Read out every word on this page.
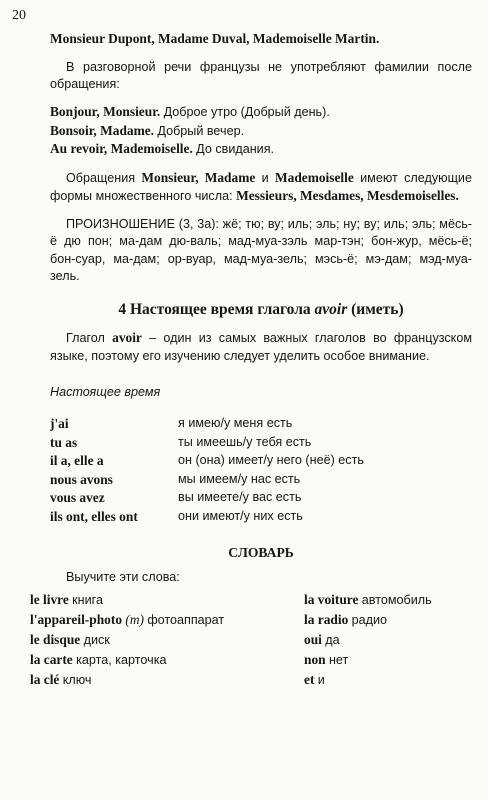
20

Monsieur Dupont, Madame Duval, Mademoiselle Martin.

В разговорной речи французы не употребляют фамилии после обращения:

Bonjour, Monsieur. Доброе утро (Добрый день).
Bonsoir, Madame. Добрый вечер.
Au revoir, Mademoiselle. До свидания.

Обращения Monsieur, Madame и Mademoiselle имеют следующие формы множественного числа: Messieurs, Mesdames, Mesdemoiselles.

ПРОИЗНОШЕНИЕ (3, 3а): жё; тю; ву; иль; эль; ну; ву; иль; эль; мёсь-ё дю пон; ма-дам дю-валь; мад-муа-зэль мар-тэн; бон-жур, мёсь-ё; бон-суар, ма-дам; ор-вуар, мад-муа-зель; мэсь-ё; мэ-дам; мэд-муа-зель.

4 Настоящее время глагола avoir (иметь)

Глагол avoir – один из самых важных глаголов во французском языке, поэтому его изучению следует уделить особое внимание.

Настоящее время
j'ai	я имею/у меня есть
tu as	ты имеешь/у тебя есть
il a, elle a	он (она) имеет/у него (неё) есть
nous avons	мы имеем/у нас есть
vous avez	вы имеете/у вас есть
ils ont, elles ont	они имеют/у них есть
СЛОВАРЬ
Выучите эти слова:
le livre книга
l'appareil-photo (m) фотоаппарат
le disque диск
la carte карта, карточка
la clé ключ
la voiture автомобиль
la radio радио
oui да
non нет
et и
